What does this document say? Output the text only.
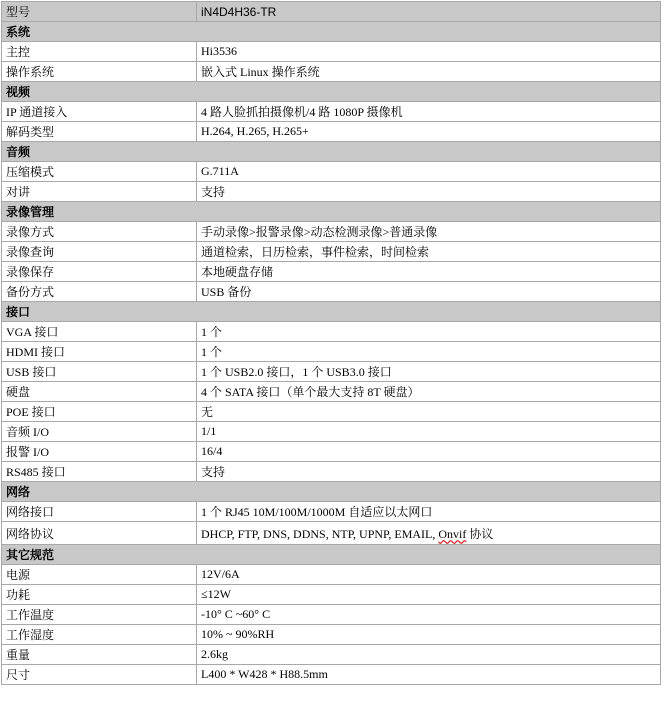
型号	iN4D4H36-TR
系统	
主控	Hi3536
操作系统	嵌入式 Linux 操作系统
视频	
IP 通道接入	4 路人脸抓拍摄像机/4 路 1080P 摄像机
解码类型	H.264, H.265, H.265+
音频	
压缩模式	G.711A
对讲	支持
录像管理	
录像方式	手动录像>报警录像>动态检测录像>普通录像
录像查询	通道检索，日历检索，事件检索，时间检索
录像保存	本地硬盘存储
备份方式	USB 备份
接口	
VGA 接口	1 个
HDMI 接口	1 个
USB 接口	1 个 USB2.0 接口，1 个 USB3.0 接口
硬盘	4 个 SATA 接口（单个最大支持 8T 硬盘）
POE 接口	无
音频 I/O	1/1
报警 I/O	16/4
RS485 接口	支持
网络	
网络接口	1 个 RJ45 10M/100M/1000M 自适应以太网口
网络协议	DHCP, FTP, DNS, DDNS, NTP, UPNP, EMAIL, Onvif 协议
其它规范	
电源	12V/6A
功耗	≤12W
工作温度	-10° C ~60° C
工作湿度	10% ~ 90%RH
重量	2.6kg
尺寸	L400 * W428 * H88.5mm
